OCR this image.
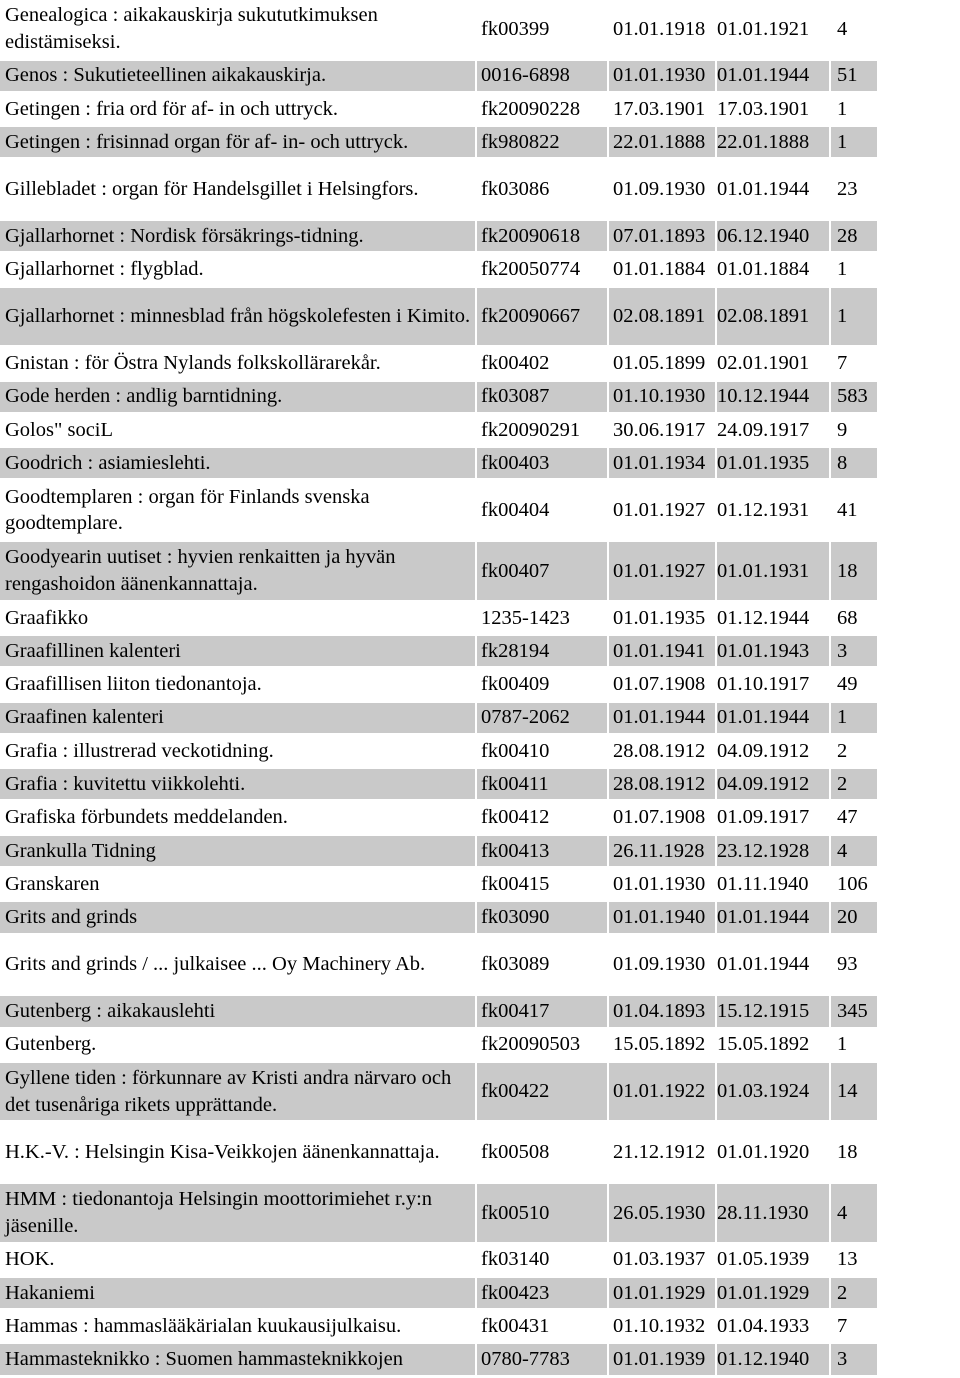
Genealogica : aikakauskirja sukututkimuksen edistämiseksi.	fk00399	01.01.1918	01.01.1921	4
Genos : Sukutieteellinen aikakauskirja.	0016-6898	01.01.1930	01.01.1944	51
Getingen : fria ord för af- in och uttryck.	fk20090228	17.03.1901	17.03.1901	1
Getingen : frisinnad organ för af- in- och uttryck.	fk980822	22.01.1888	22.01.1888	1
Gillebladet : organ för Handelsgillet i Helsingfors.	fk03086	01.09.1930	01.01.1944	23
Gjallarhornet : Nordisk försäkrings-tidning.	fk20090618	07.01.1893	06.12.1940	28
Gjallarhornet : flygblad.	fk20050774	01.01.1884	01.01.1884	1
Gjallarhornet : minnesblad från högskolefesten i Kimito.	fk20090667	02.08.1891	02.08.1891	1
Gnistan : för Östra Nylands folkskollärarekår.	fk00402	01.05.1899	02.01.1901	7
Gode herden : andlig barntidning.	fk03087	01.10.1930	10.12.1944	583
Golos" sociL	fk20090291	30.06.1917	24.09.1917	9
Goodrich : asiamieslehti.	fk00403	01.01.1934	01.01.1935	8
Goodtemplaren : organ för Finlands svenska goodtemplare.	fk00404	01.01.1927	01.12.1931	41
Goodyearin uutiset : hyvien renkaitten ja hyvän rengashoidon äänenkannattaja.	fk00407	01.01.1927	01.01.1931	18
Graafikko	1235-1423	01.01.1935	01.12.1944	68
Graafillinen kalenteri	fk28194	01.01.1941	01.01.1943	3
Graafillisen liiton tiedonantoja.	fk00409	01.07.1908	01.10.1917	49
Graafinen kalenteri	0787-2062	01.01.1944	01.01.1944	1
Grafia : illustrerad veckotidning.	fk00410	28.08.1912	04.09.1912	2
Grafia : kuvitettu viikkolehti.	fk00411	28.08.1912	04.09.1912	2
Grafiska förbundets meddelanden.	fk00412	01.07.1908	01.09.1917	47
Grankulla Tidning	fk00413	26.11.1928	23.12.1928	4
Granskaren	fk00415	01.01.1930	01.11.1940	106
Grits and grinds	fk03090	01.01.1940	01.01.1944	20
Grits and grinds / ... julkaisee ... Oy Machinery Ab.	fk03089	01.09.1930	01.01.1944	93
Gutenberg : aikakauslehti	fk00417	01.04.1893	15.12.1915	345
Gutenberg.	fk20090503	15.05.1892	15.05.1892	1
Gyllene tiden : förkunnare av Kristi andra närvaro och det tusenåriga rikets upprättande.	fk00422	01.01.1922	01.03.1924	14
H.K.-V. : Helsingin Kisa-Veikkojen äänenkannattaja.	fk00508	21.12.1912	01.01.1920	18
HMM : tiedonantoja Helsingin moottorimiehet r.y:n jäsenille.	fk00510	26.05.1930	28.11.1930	4
HOK.	fk03140	01.03.1937	01.05.1939	13
Hakaniemi	fk00423	01.01.1929	01.01.1929	2
Hammas : hammaslääkärialan kuukausijulkaisu.	fk00431	01.10.1932	01.04.1933	7
Hammasteknikko : Suomen hammasteknikkojen	0780-7783	01.01.1939	01.12.1940	3
